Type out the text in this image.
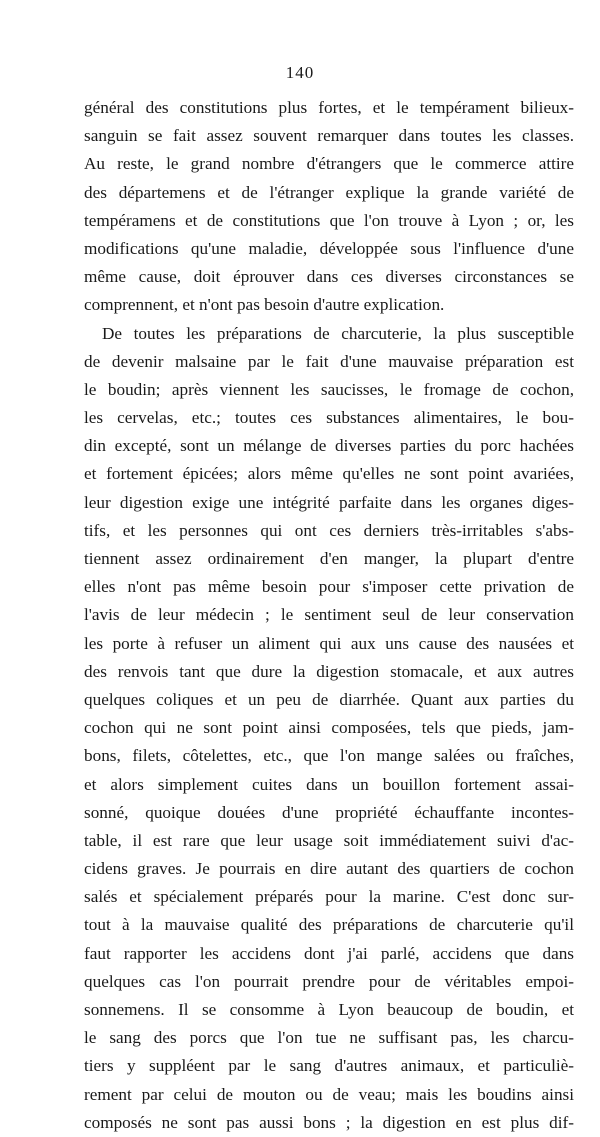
140
général des constitutions plus fortes, et le tempérament bilieux-
sanguin se fait assez souvent remarquer dans toutes les classes.
Au reste, le grand nombre d'étrangers que le commerce attire
des départemens et de l'étranger explique la grande variété de
tempéramens et de constitutions que l'on trouve à Lyon ; or, les
modifications qu'une maladie, développée sous l'influence d'une
même cause, doit éprouver dans ces diverses circonstances se
comprennent, et n'ont pas besoin d'autre explication.
De toutes les préparations de charcuterie, la plus susceptible
de devenir malsaine par le fait d'une mauvaise préparation est
le boudin; après viennent les saucisses, le fromage de cochon,
les cervelas, etc.; toutes ces substances alimentaires, le bou-
din excepté, sont un mélange de diverses parties du porc hachées
et fortement épicées; alors même qu'elles ne sont point avariées,
leur digestion exige une intégrité parfaite dans les organes diges-
tifs, et les personnes qui ont ces derniers très-irritables s'abs-
tiennent assez ordinairement d'en manger, la plupart d'entre
elles n'ont pas même besoin pour s'imposer cette privation de
l'avis de leur médecin ; le sentiment seul de leur conservation
les porte à refuser un aliment qui aux uns cause des nausées et
des renvois tant que dure la digestion stomacale, et aux autres
quelques coliques et un peu de diarrhée. Quant aux parties du
cochon qui ne sont point ainsi composées, tels que pieds, jam-
bons, filets, côtelettes, etc., que l'on mange salées ou fraîches,
et alors simplement cuites dans un bouillon fortement assai-
sonné, quoique douées d'une propriété échauffante incontes-
table, il est rare que leur usage soit immédiatement suivi d'ac-
cidens graves. Je pourrais en dire autant des quartiers de cochon
salés et spécialement préparés pour la marine. C'est donc sur-
tout à la mauvaise qualité des préparations de charcuterie qu'il
faut rapporter les accidens dont j'ai parlé, accidens que dans
quelques cas l'on pourrait prendre pour de véritables empoi-
sonnemens. Il se consomme à Lyon beaucoup de boudin, et
le sang des porcs que l'on tue ne suffisant pas, les charcu-
tiers y suppléent par le sang d'autres animaux, et particuliè-
rement par celui de mouton ou de veau; mais les boudins ainsi
composés ne sont pas aussi bons ; la digestion en est plus dif-
